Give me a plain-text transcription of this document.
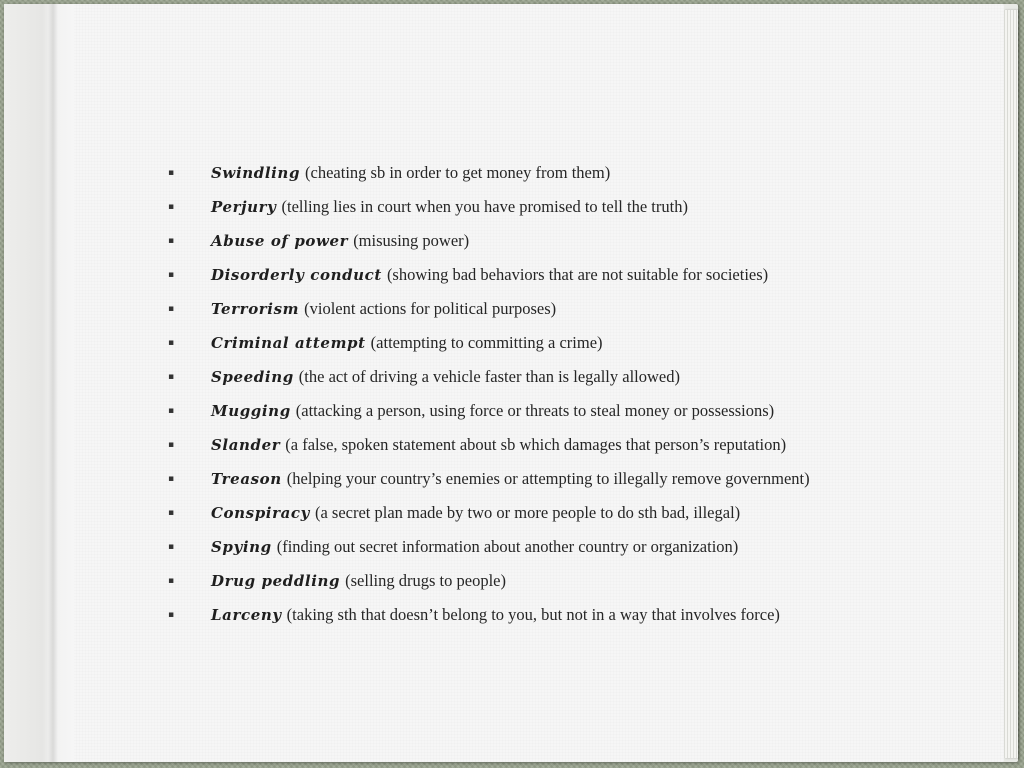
▪ Swindling (cheating sb in order to get money from them)
▪ Perjury (telling lies in court when you have promised to tell the truth)
▪ Abuse of power (misusing power)
▪ Disorderly conduct (showing bad behaviors that are not suitable for societies)
▪ Terrorism (violent actions for political purposes)
▪ Criminal attempt (attempting to committing a crime)
▪ Speeding (the act of driving a vehicle faster than is legally allowed)
▪ Mugging (attacking a person, using force or threats to steal money or possessions)
▪ Slander (a false, spoken statement about sb which damages that person’s reputation)
▪ Treason (helping your country’s enemies or attempting to illegally remove government)
▪ Conspiracy (a secret plan made by two or more people to do sth bad, illegal)
▪ Spying (finding out secret information about another country or organization)
▪ Drug peddling (selling drugs to people)
▪ Larceny (taking sth that doesn’t belong to you, but not in a way that involves force)
